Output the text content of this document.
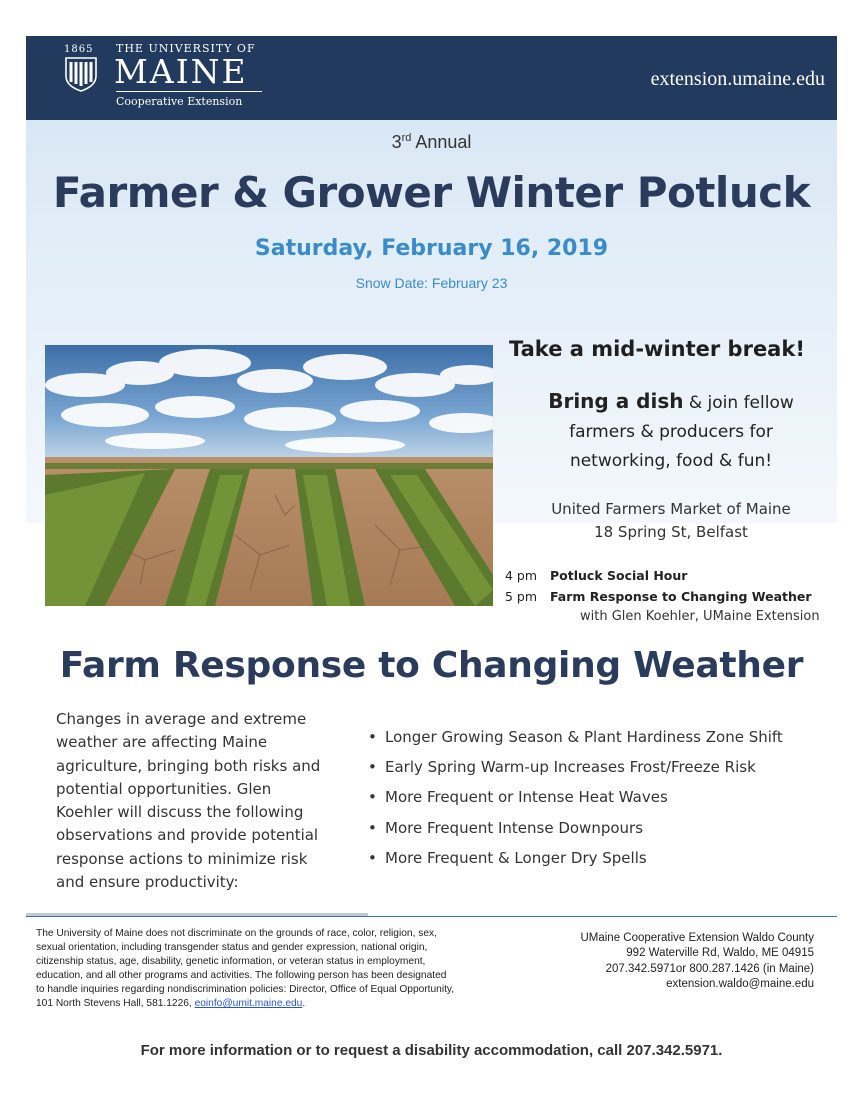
1865 THE UNIVERSITY OF
MAINE
Cooperative Extension
extension.umaine.edu
3rd Annual
Farmer & Grower Winter Potluck
Saturday, February 16, 2019
Snow Date: February 23
Take a mid-winter break!
Bring a dish & join fellow
farmers & producers for
networking, food & fun!
United Farmers Market of Maine
18 Spring St, Belfast
4 pm Potluck Social Hour
5 pm Farm Response to Changing Weather
with Glen Koehler, UMaine Extension
Farm Response to Changing Weather
Changes in average and extreme
weather are affecting Maine
agriculture, bringing both risks and
potential opportunities. Glen
Koehler will discuss the following
observations and provide potential
response actions to minimize risk
and ensure productivity:
• Longer Growing Season & Plant Hardiness Zone Shift
• Early Spring Warm-up Increases Frost/Freeze Risk
• More Frequent or Intense Heat Waves
• More Frequent Intense Downpours
• More Frequent & Longer Dry Spells
The University of Maine does not discriminate on the grounds of race, color, religion, sex,
sexual orientation, including transgender status and gender expression, national origin,
citizenship status, age, disability, genetic information, or veteran status in employment,
education, and all other programs and activities. The following person has been designated
to handle inquiries regarding nondiscrimination policies: Director, Office of Equal Opportunity,
101 North Stevens Hall, 581.1226, eoinfo@umit.maine.edu.
UMaine Cooperative Extension Waldo County
992 Waterville Rd, Waldo, ME 04915
207.342.5971or 800.287.1426 (in Maine)
extension.waldo@maine.edu
For more information or to request a disability accommodation, call 207.342.5971.
